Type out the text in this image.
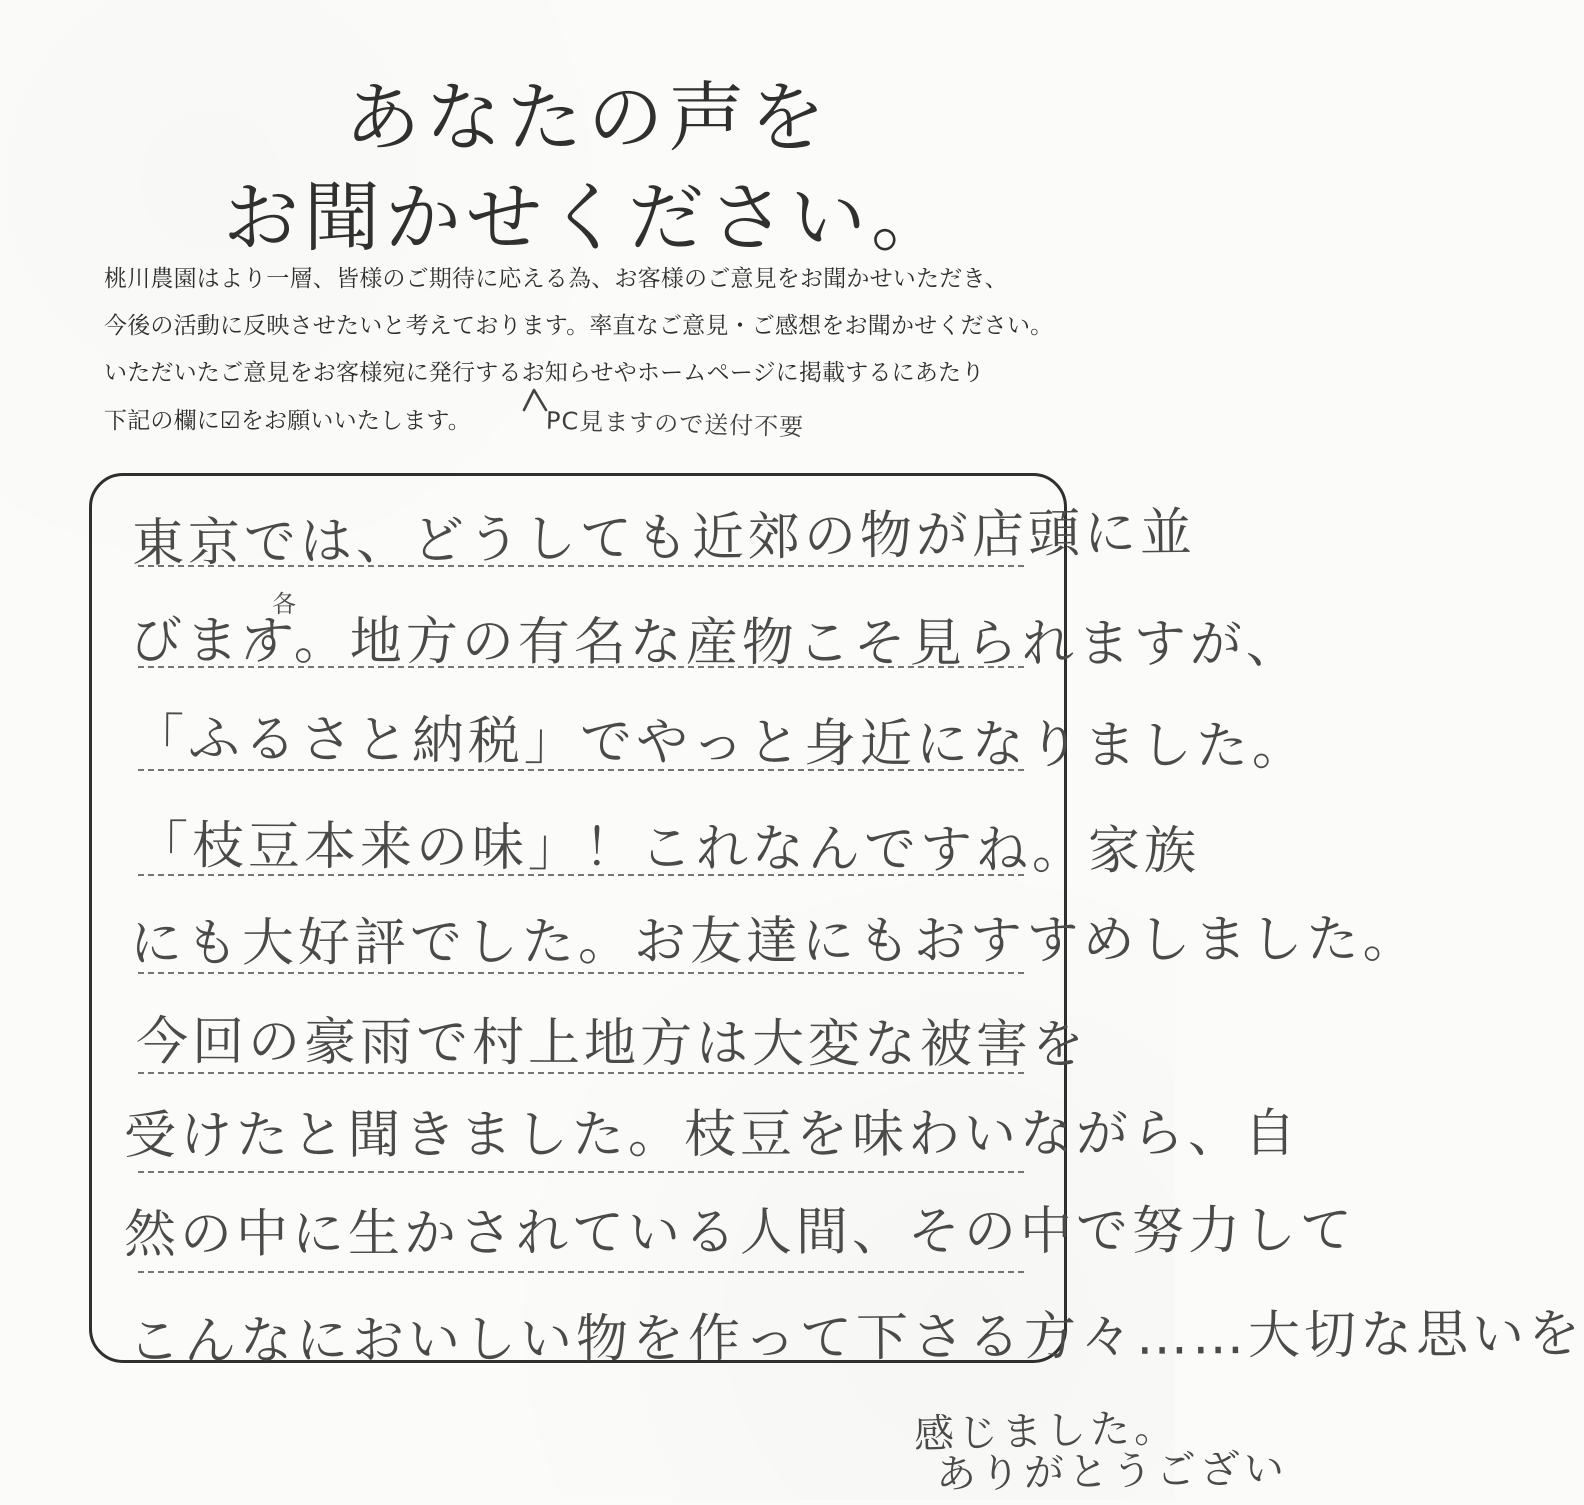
あなたの声を
お聞かせください。
桃川農園はより一層、皆様のご期待に応える為、お客様のご意見をお聞かせいただき、
今後の活動に反映させたいと考えております。率直なご意見・ご感想をお聞かせください。
いただいたご意見をお客様宛に発行するお知らせやホームページに掲載するにあたり
下記の欄に☑をお願いいたします。	PC見ますので送付不要
各
東京では、どうしても近郊の物が店頭に並
びます。地方の有名な産物こそ見られますが、
「ふるさと納税」でやっと身近になりました。
「枝豆本来の味」！これなんですね。家族
にも大好評でした。お友達にもおすすめしました。
今回の豪雨で村上地方は大変な被害を
受けたと聞きました。枝豆を味わいながら、自
然の中に生かされている人間、その中で努力して
こんなにおいしい物を作って下さる方々……大切な思いを
感じました。
ありがとうござい
